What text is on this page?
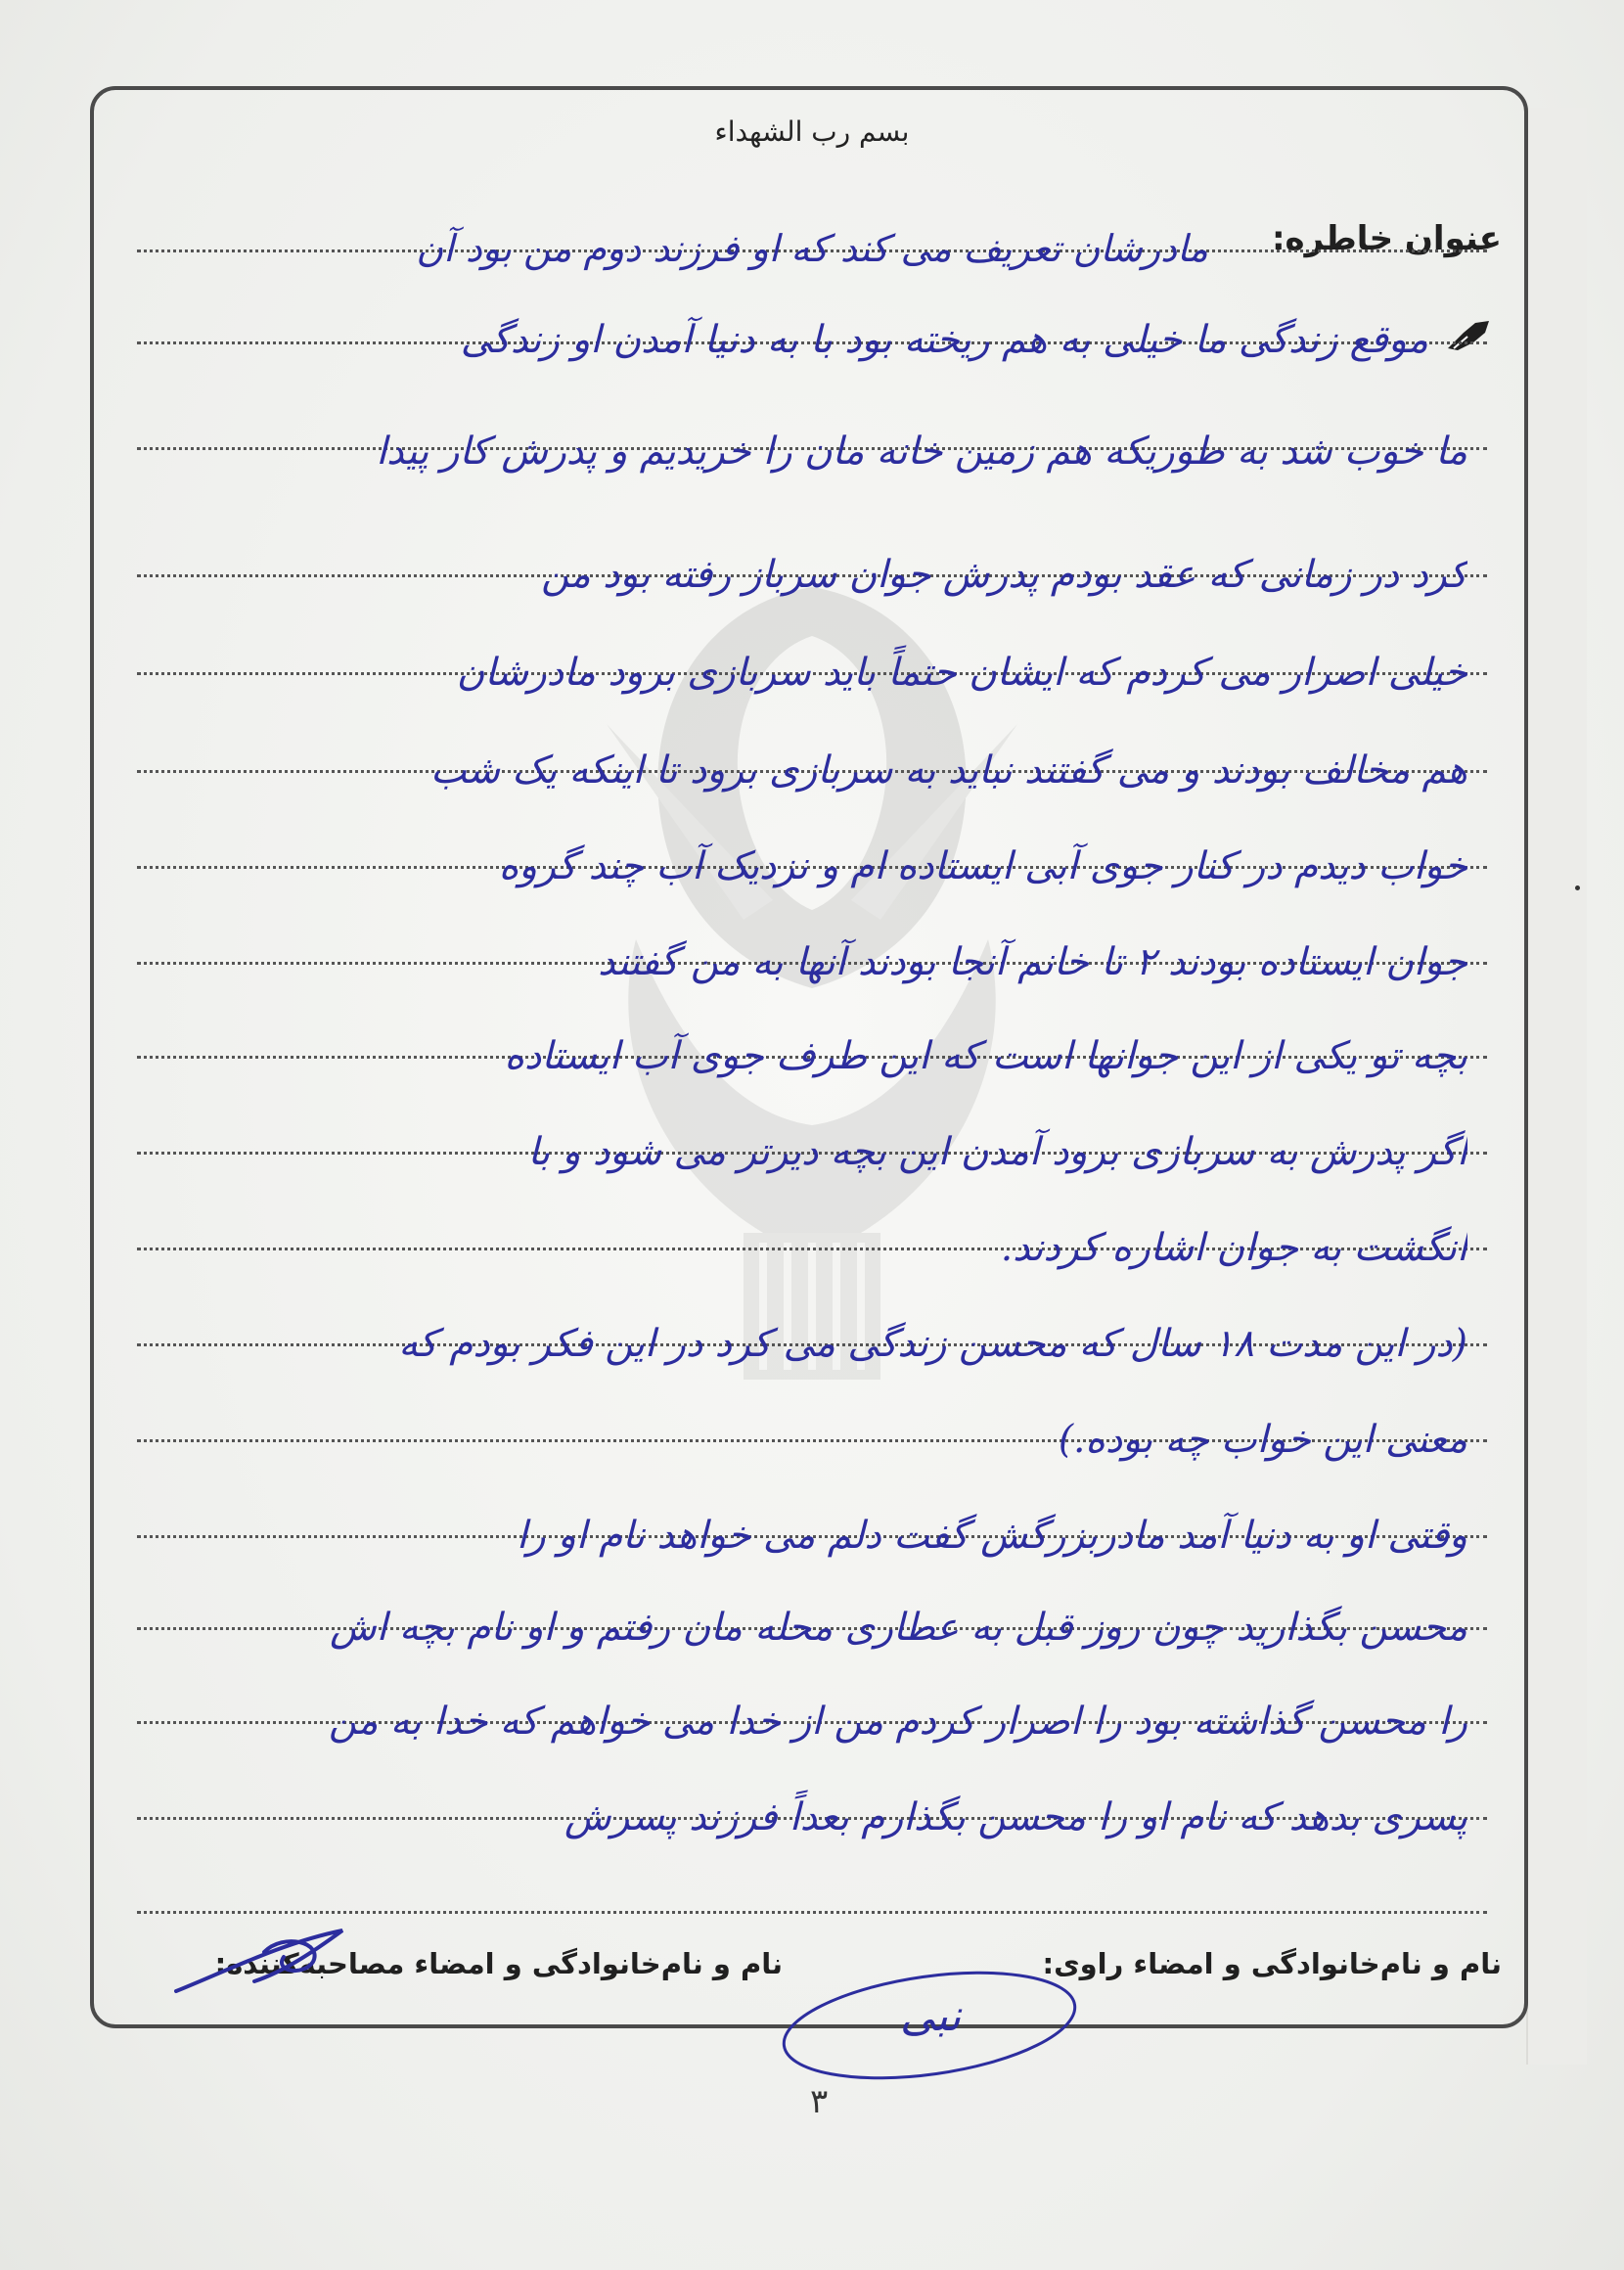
بسم رب الشهداء
عنوان خاطره:
مادرشان تعریف می کند که او فرزند دوم من بود آن
موقع زندگی ما خیلی به هم ریخته بود با به دنیا آمدن او زندگی
ما خوب شد به طوریکه هم زمین خانه مان را خریدیم و پدرش کار پیدا
کرد در زمانی که عقد بودم پدرش جوان سرباز رفته بود من
خیلی اصرار می کردم که ایشان حتماً باید سربازی برود مادرشان
هم مخالف بودند و می گفتند نباید به سربازی برود تا اینکه یک شب
خواب دیدم در کنار جوی آبی ایستاده ام و نزدیک آب چند گروه
جوان ایستاده بودند ۲ تا خانم آنجا بودند آنها به من گفتند
بچه تو یکی از این جوانها است که این طرف جوی آب ایستاده
اگر پدرش به سربازی برود آمدن این بچه دیرتر می شود و با
انگشت به جوان اشاره کردند.
(در این مدت ۱۸ سال که محسن زندگی می کرد در این فکر بودم که
معنی این خواب چه بوده.)
وقتی او به دنیا آمد مادربزرگش گفت دلم می خواهد نام او را
محسن بگذارید چون روز قبل به عطاری محله مان رفتم و او نام بچه اش
را محسن گذاشته بود را اصرار کردم من از خدا می خواهم که خدا به من
پسری بدهد که نام او را محسن بگذارم بعداً فرزند پسرش
نام و نام‌خانوادگی و امضاء راوی:
نام و نام‌خانوادگی و امضاء مصاحبه‌کننده:
نبی
۳
